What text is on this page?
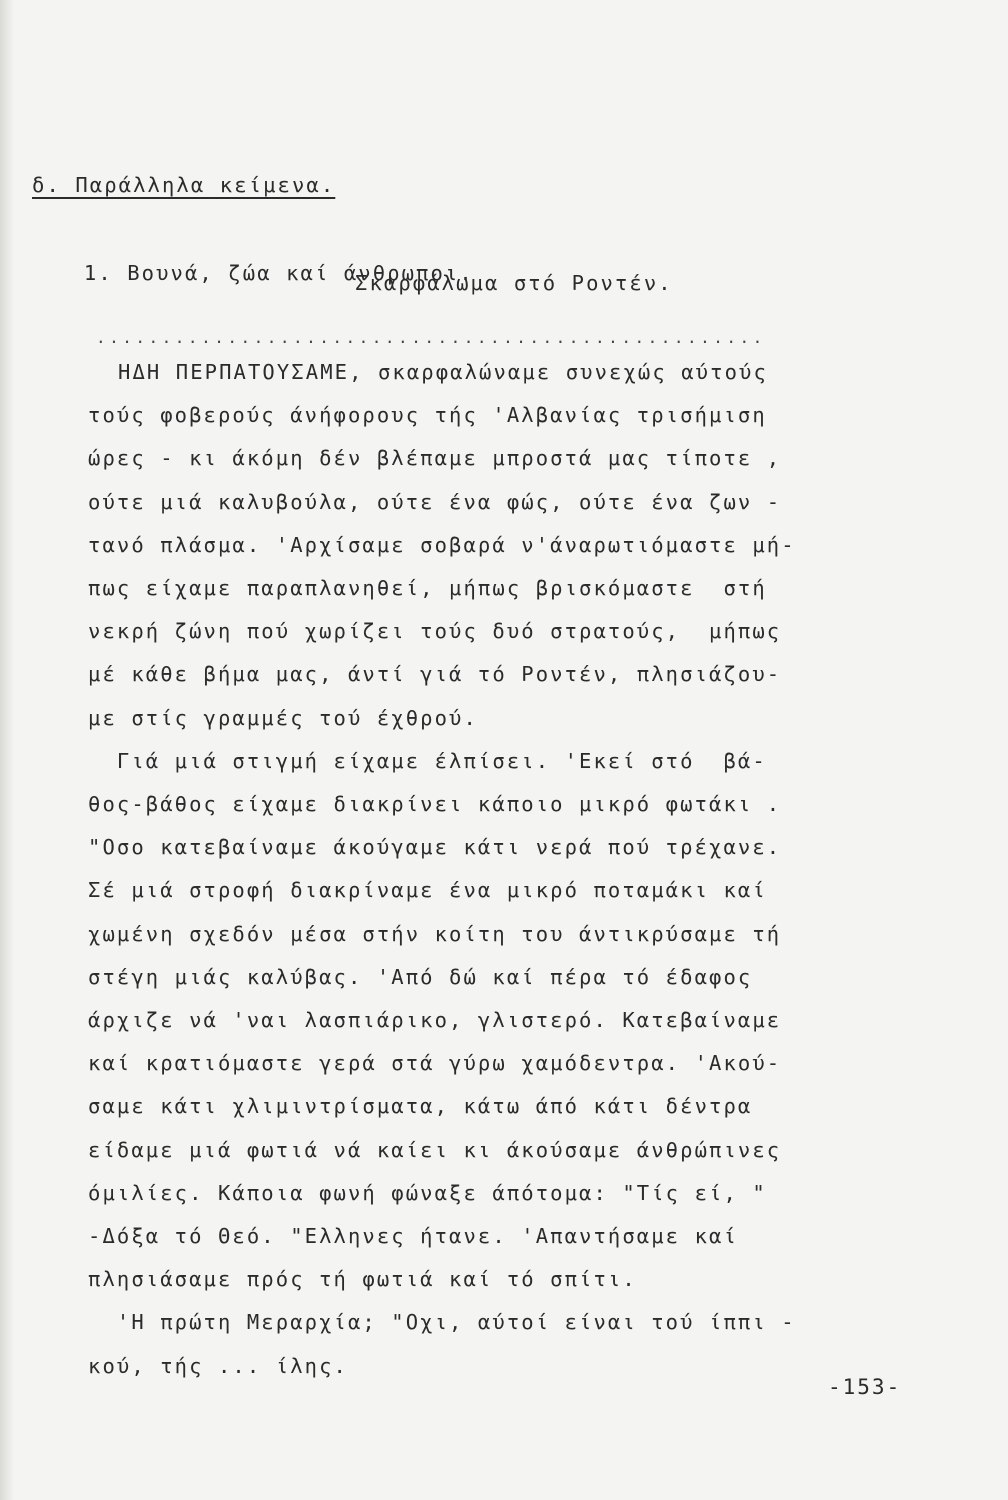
δ. Παράλληλα κείμενα.

1. Βουνά, ζώα καί άνθρωποι.

Σκαρφάλωμα στό Ροντέν.
...................................................
ΗΔΗ ΠΕΡΠΑΤΟΥΣΑΜΕ, σκαρφαλώναμε συνεχώς αύτούς
τούς φοβερούς άνήφορους τής 'Αλβανίας τρισήμιση
ώρες - κι άκόμη δέν βλέπαμε μπροστά μας τίποτε ,
ούτε μιά καλυβούλα, ούτε ένα φώς, ούτε ένα ζων -
τανό πλάσμα. 'Αρχίσαμε σοβαρά ν'άναρωτιόμαστε μή-
πως είχαμε παραπλανηθεί, μήπως βρισκόμαστε  στή
νεκρή ζώνη πού χωρίζει τούς δυό στρατούς,  μήπως
μέ κάθε βήμα μας, άντί γιά τό Ροντέν, πλησιάζου-
με στίς γραμμές τού έχθρού.
Γιά μιά στιγμή είχαμε έλπίσει. 'Εκεί στό  βά-
θος-βάθος είχαμε διακρίνει κάποιο μικρό φωτάκι .
"Οσο κατεβαίναμε άκούγαμε κάτι νερά πού τρέχανε.
Σέ μιά στροφή διακρίναμε ένα μικρό ποταμάκι καί
χωμένη σχεδόν μέσα στήν κοίτη του άντικρύσαμε τή
στέγη μιάς καλύβας. 'Από δώ καί πέρα τό έδαφος
άρχιζε νά 'ναι λασπιάρικο, γλιστερό. Κατεβαίναμε
καί κρατιόμαστε γερά στά γύρω χαμόδεντρα. 'Ακού-
σαμε κάτι χλιμιντρίσματα, κάτω άπό κάτι δέντρα
είδαμε μιά φωτιά νά καίει κι άκούσαμε άνθρώπινες
όμιλίες. Κάποια φωνή φώναξε άπότομα: "Τίς εί, "
-Δόξα τό Θεό. "Ελληνες ήτανε. 'Απαντήσαμε καί
πλησιάσαμε πρός τή φωτιά καί τό σπίτι.
'Η πρώτη Μεραρχία; "Οχι, αύτοί είναι τού ίππι -
κού, τής ... ίλης.
-153-
